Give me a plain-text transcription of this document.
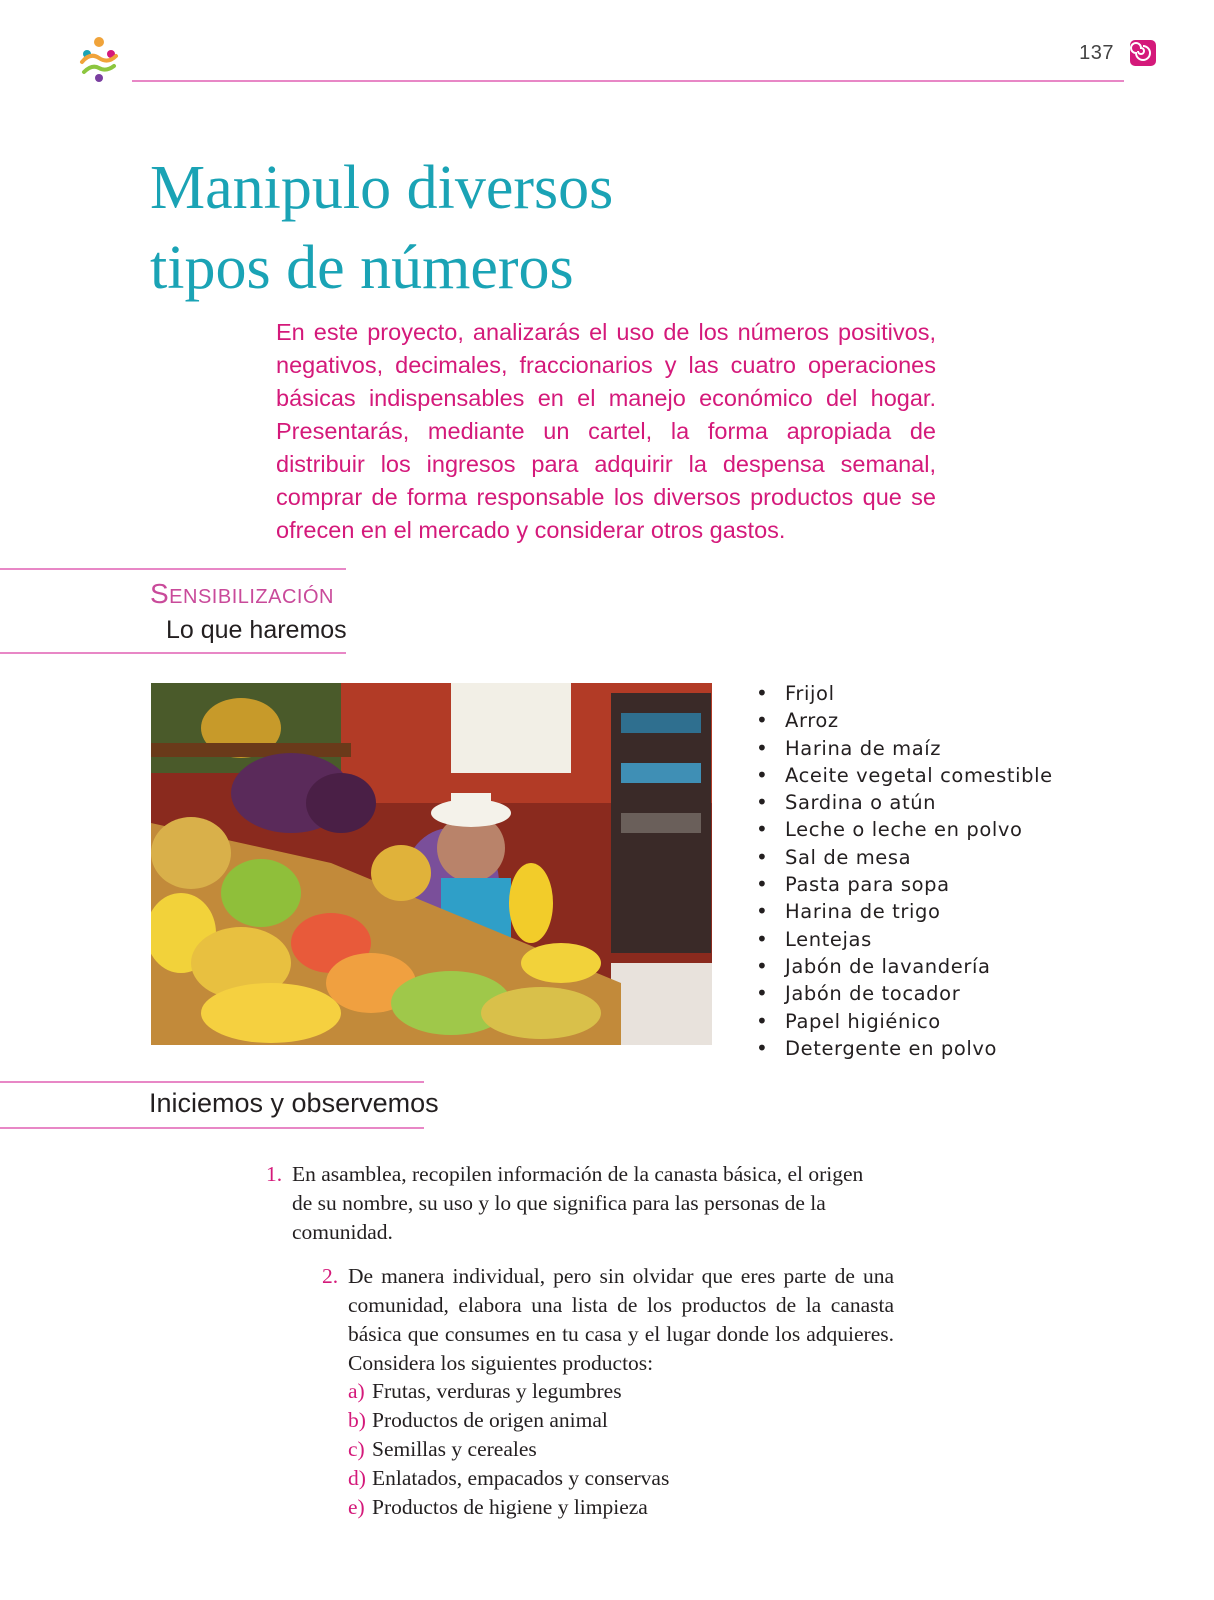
137
Manipulo diversos
tipos de números

En este proyecto, analizarás el uso de los números positivos, negativos, decimales, fraccionarios y las cuatro operaciones básicas indispensables en el manejo económico del hogar. Presentarás, mediante un cartel, la forma apropiada de distribuir los ingresos para adquirir la despensa semanal, comprar de forma responsable los diversos productos que se ofrecen en el mercado y considerar otros gastos.

Sensibilización
Lo que haremos
• Frijol
• Arroz
• Harina de maíz
• Aceite vegetal comestible
• Sardina o atún
• Leche o leche en polvo
• Sal de mesa
• Pasta para sopa
• Harina de trigo
• Lentejas
• Jabón de lavandería
• Jabón de tocador
• Papel higiénico
• Detergente en polvo
Iniciemos y observemos

1. En asamblea, recopilen información de la canasta básica, el origen de su nombre, su uso y lo que significa para las personas de la comunidad.

2. De manera individual, pero sin olvidar que eres parte de una comunidad, elabora una lista de los productos de la canasta básica que consumes en tu casa y el lugar donde los adquieres. Considera los siguientes productos:

a) Frutas, verduras y legumbres
b) Productos de origen animal
c) Semillas y cereales
d) Enlatados, empacados y conservas
e) Productos de higiene y limpieza
